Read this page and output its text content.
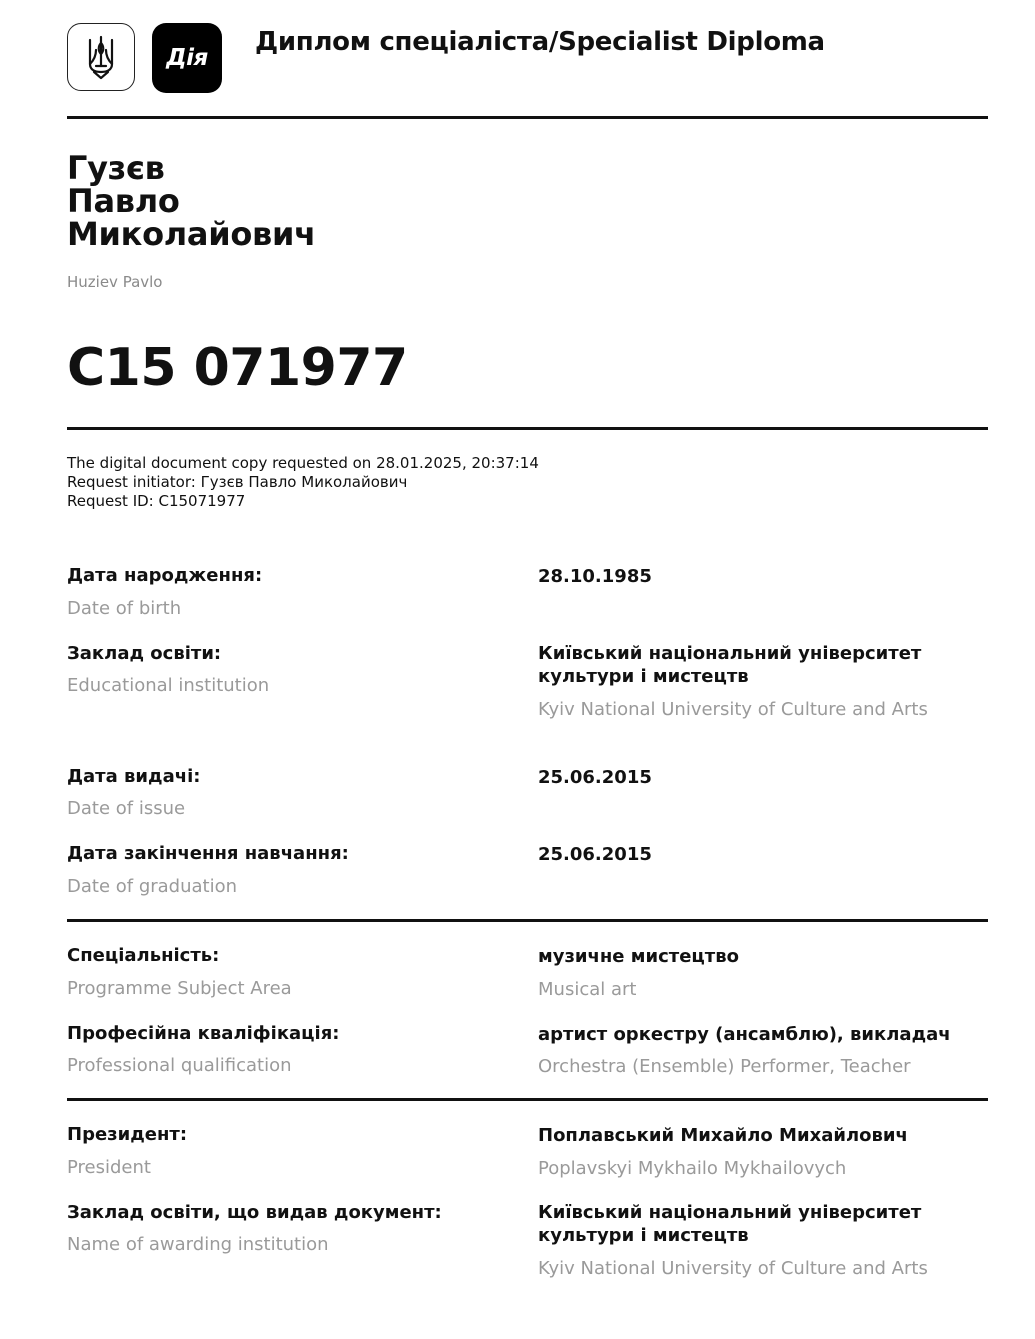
Дія
Диплом спеціаліста/Specialist Diploma
Гузєв
Павло
Миколайович
Huziev Pavlo
C15 071977
The digital document copy requested on 28.01.2025, 20:37:14
Request initiator: Гузєв Павло Миколайович
Request ID: C15071977
Дата народження:
Date of birth
28.10.1985
Заклад освіти:
Educational institution
Київський національний університет культури і мистецтв
Kyiv National University of Culture and Arts
Дата видачі:
Date of issue
25.06.2015
Дата закінчення навчання:
Date of graduation
25.06.2015
Спеціальність:
Programme Subject Area
музичне мистецтво
Musical art
Професійна кваліфікація:
Professional qualification
артист оркестру (ансамблю), викладач
Orchestra (Ensemble) Performer, Teacher
Президент:
President
Поплавський Михайло Михайлович
Poplavskyi Mykhailo Mykhailovych
Заклад освіти, що видав документ:
Name of awarding institution
Київський національний університет культури і мистецтв
Kyiv National University of Culture and Arts
